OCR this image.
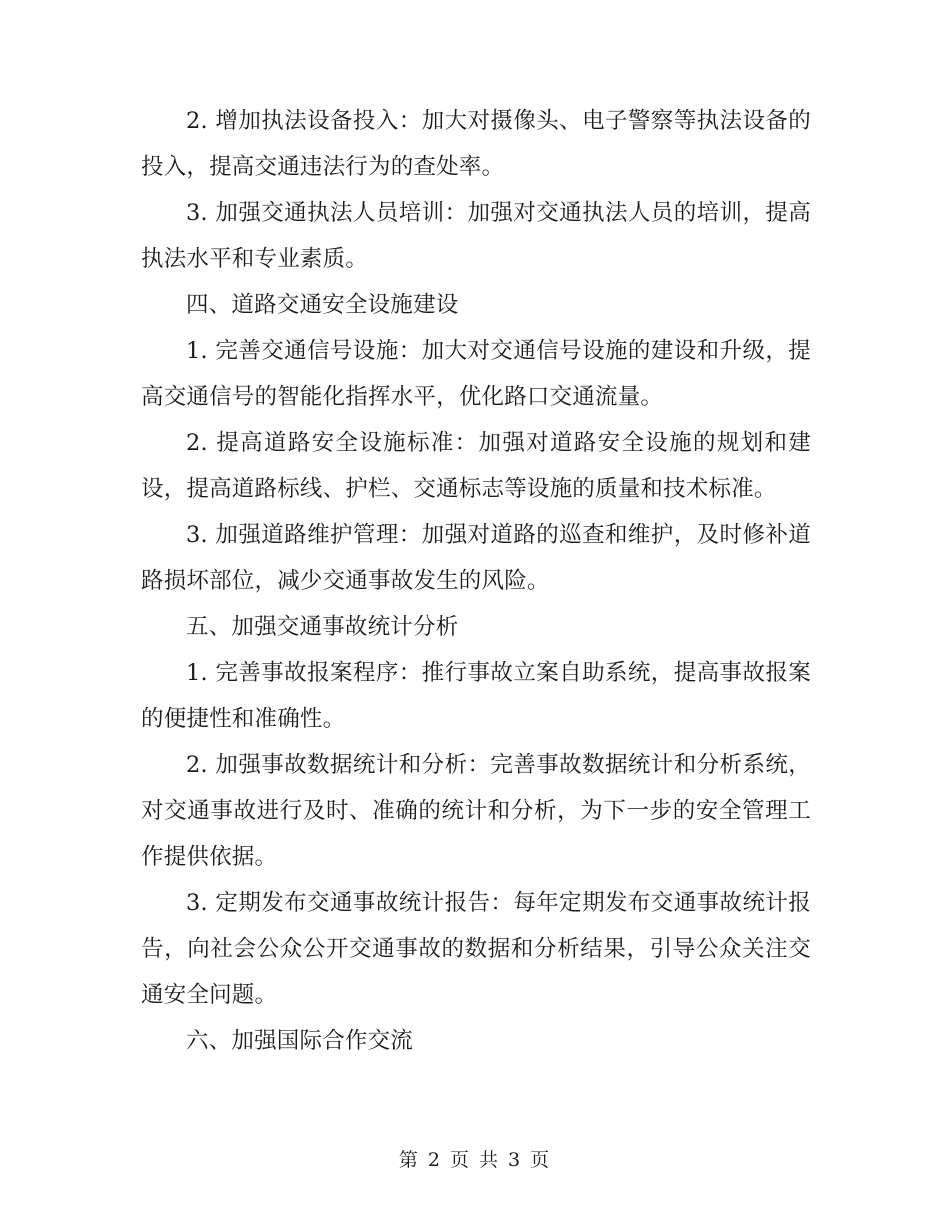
2. 增加执法设备投入：加大对摄像头、电子警察等执法设备的投入，提高交通违法行为的查处率。

3. 加强交通执法人员培训：加强对交通执法人员的培训，提高执法水平和专业素质。

四、道路交通安全设施建设

1. 完善交通信号设施：加大对交通信号设施的建设和升级，提高交通信号的智能化指挥水平，优化路口交通流量。

2. 提高道路安全设施标准：加强对道路安全设施的规划和建设，提高道路标线、护栏、交通标志等设施的质量和技术标准。

3. 加强道路维护管理：加强对道路的巡查和维护，及时修补道路损坏部位，减少交通事故发生的风险。

五、加强交通事故统计分析

1. 完善事故报案程序：推行事故立案自助系统，提高事故报案的便捷性和准确性。

2. 加强事故数据统计和分析：完善事故数据统计和分析系统，对交通事故进行及时、准确的统计和分析，为下一步的安全管理工作提供依据。

3. 定期发布交通事故统计报告：每年定期发布交通事故统计报告，向社会公众公开交通事故的数据和分析结果，引导公众关注交通安全问题。

六、加强国际合作交流

第 2 页 共 3 页
